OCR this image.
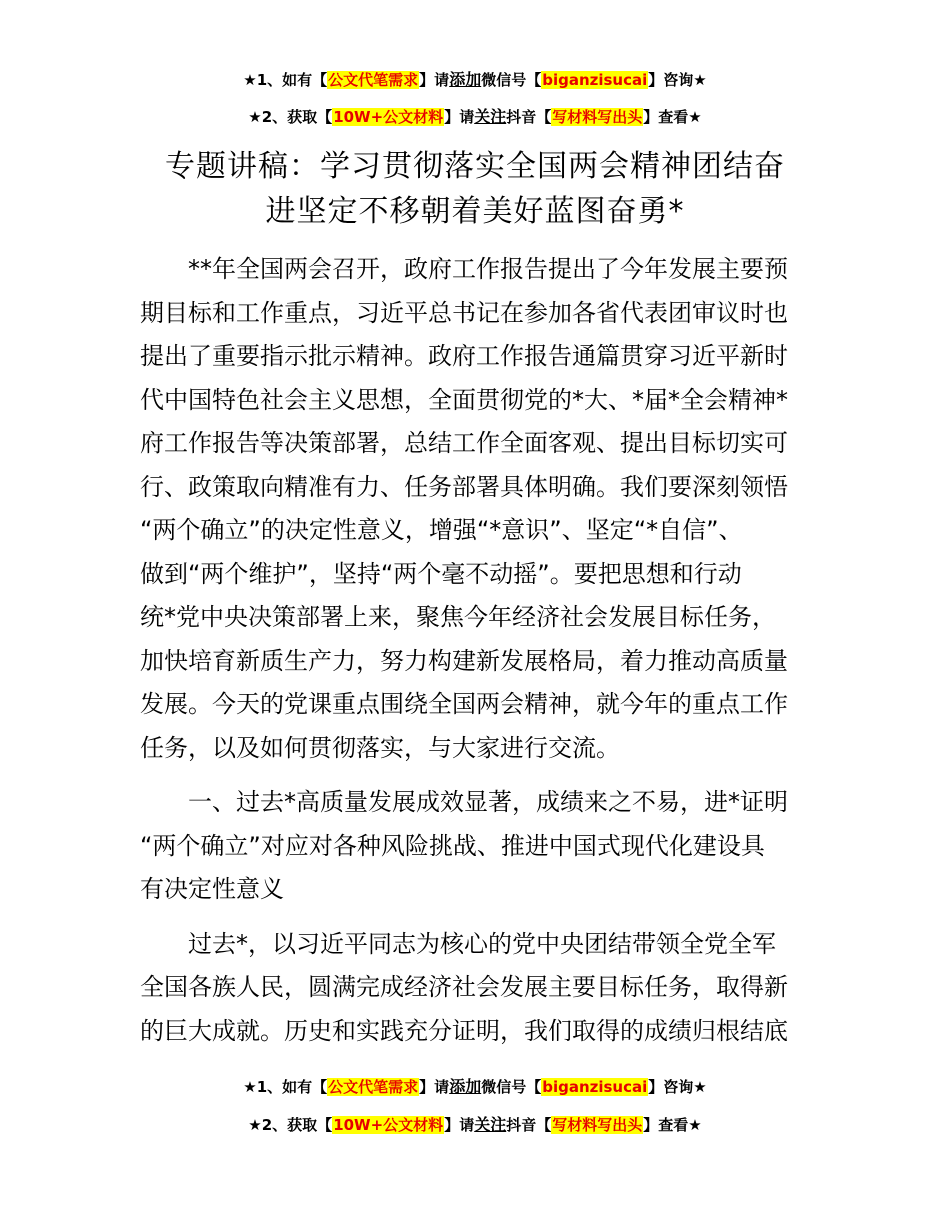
★1、如有【公文代笔需求】请添加微信号【biganzisucai】咨询★
★2、获取【10W+公文材料】请关注抖音【写材料写出头】查看★
专题讲稿：学习贯彻落实全国两会精神团结奋
进坚定不移朝着美好蓝图奋勇*

**年全国两会召开，政府工作报告提出了今年发展主要预
期目标和工作重点，习近平总书记在参加各省代表团审议时也
提出了重要指示批示精神。政府工作报告通篇贯穿习近平新时
代中国特色社会主义思想，全面贯彻党的*大、*届*全会精神*
府工作报告等决策部署，总结工作全面客观、提出目标切实可
行、政策取向精准有力、任务部署具体明确。我们要深刻领悟
“两个确立”的决定性意义，增强“*意识”、坚定“*自信”、
做到“两个维护”，坚持“两个毫不动摇”。要把思想和行动
统*党中央决策部署上来，聚焦今年经济社会发展目标任务，
加快培育新质生产力，努力构建新发展格局，着力推动高质量
发展。今天的党课重点围绕全国两会精神，就今年的重点工作
任务，以及如何贯彻落实，与大家进行交流。

一、过去*高质量发展成效显著，成绩来之不易，进*证明
“两个确立”对应对各种风险挑战、推进中国式现代化建设具
有决定性意义

过去*，以习近平同志为核心的党中央团结带领全党全军
全国各族人民，圆满完成经济社会发展主要目标任务，取得新
的巨大成就。历史和实践充分证明，我们取得的成绩归根结底

★1、如有【公文代笔需求】请添加微信号【biganzisucai】咨询★
★2、获取【10W+公文材料】请关注抖音【写材料写出头】查看★
